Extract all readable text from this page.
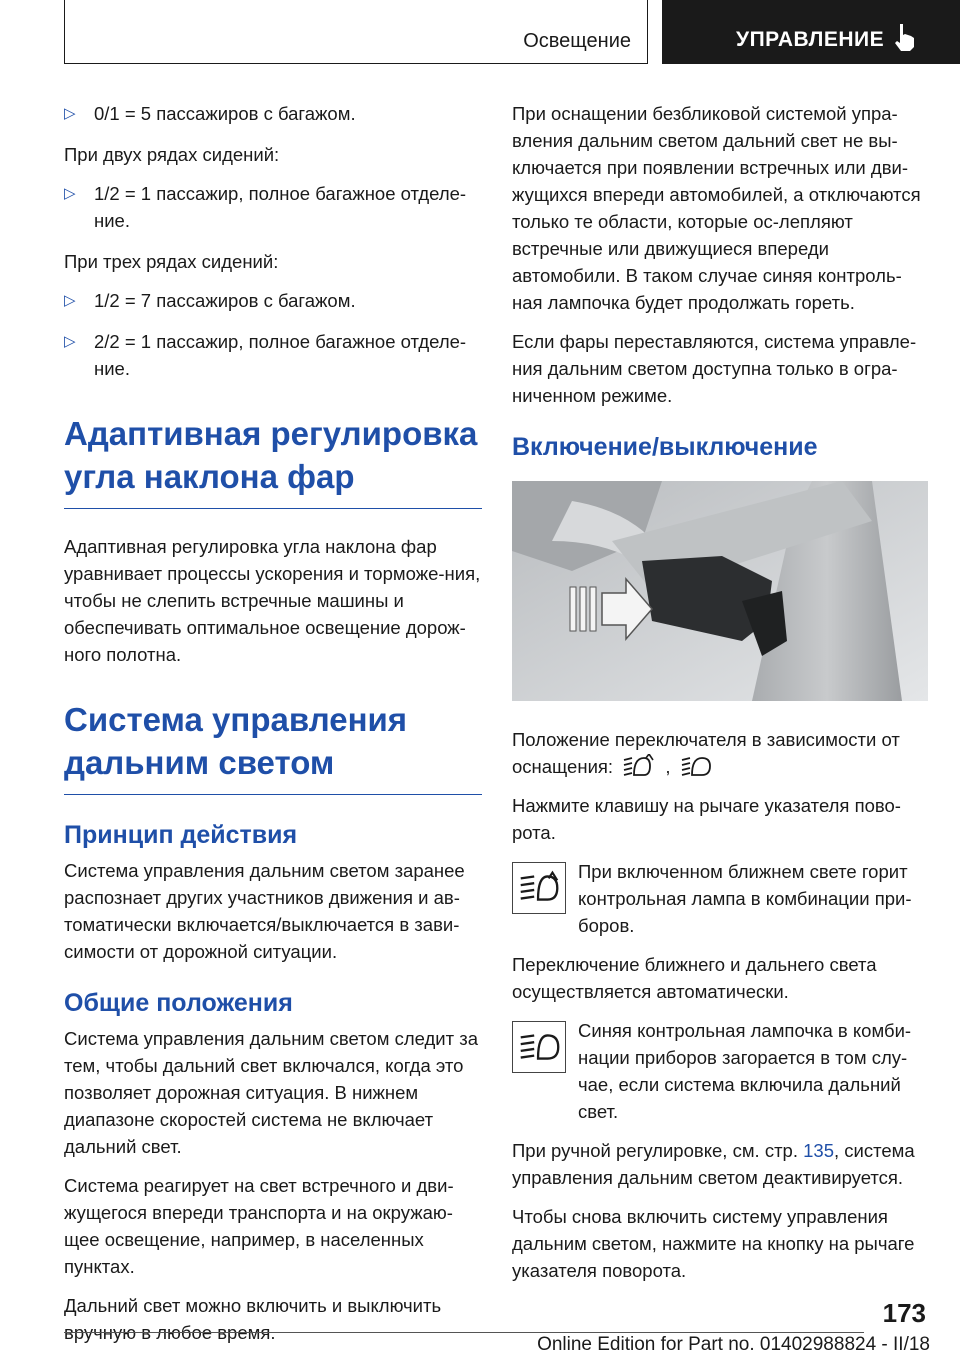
Освещение	УПРАВЛЕНИЕ
▷ 0/1 = 5 пассажиров с багажом.

При двух рядах сидений:

▷ 1/2 = 1 пассажир, полное багажное отделе-ние.

При трех рядах сидений:

▷ 1/2 = 7 пассажиров с багажом.
▷ 2/2 = 1 пассажир, полное багажное отделе-ние.
Адаптивная регулировка угла наклона фар

Адаптивная регулировка угла наклона фар уравнивает процессы ускорения и торможе-ния, чтобы не слепить встречные машины и обеспечивать оптимальное освещение дорож-ного полотна.

Система управления дальним светом
Принцип действия

Система управления дальним светом заранее распознает других участников движения и ав-томатически включается/выключается в зави-симости от дорожной ситуации.

Общие положения

Система управления дальним светом следит за тем, чтобы дальний свет включался, когда это позволяет дорожная ситуация. В нижнем диапазоне скоростей система не включает дальний свет.

Система реагирует на свет встречного и дви-жущегося впереди транспорта и на окружаю-щее освещение, например, в населенных пунктах.

Дальний свет можно включить и выключить вручную в любое время.

При оснащении безбликовой системой упра-вления дальним светом дальний свет не вы-ключается при появлении встречных или дви-жущихся впереди автомобилей, а отключаются только те области, которые ос-лепляют встречные или движущиеся впереди автомобили. В таком случае синяя контроль-ная лампочка будет продолжать гореть.

Если фары переставляются, система управле-ния дальним светом доступна только в огра-ниченном режиме.

Включение/выключение

Положение переключателя в зависимости от оснащения:	,

Нажмите клавишу на рычаге указателя пово-рота.

При включенном ближнем свете горит контрольная лампа в комбинации при-боров.

Переключение ближнего и дальнего света осуществляется автоматически.

Синяя контрольная лампочка в комби-нации приборов загорается в том слу-чае, если система включила дальний свет.

При ручной регулировке, см. стр. 135, система управления дальним светом деактивируется.

Чтобы снова включить систему управления дальним светом, нажмите на кнопку на рычаге указателя поворота.

173
Online Edition for Part no. 01402988824 - II/18
